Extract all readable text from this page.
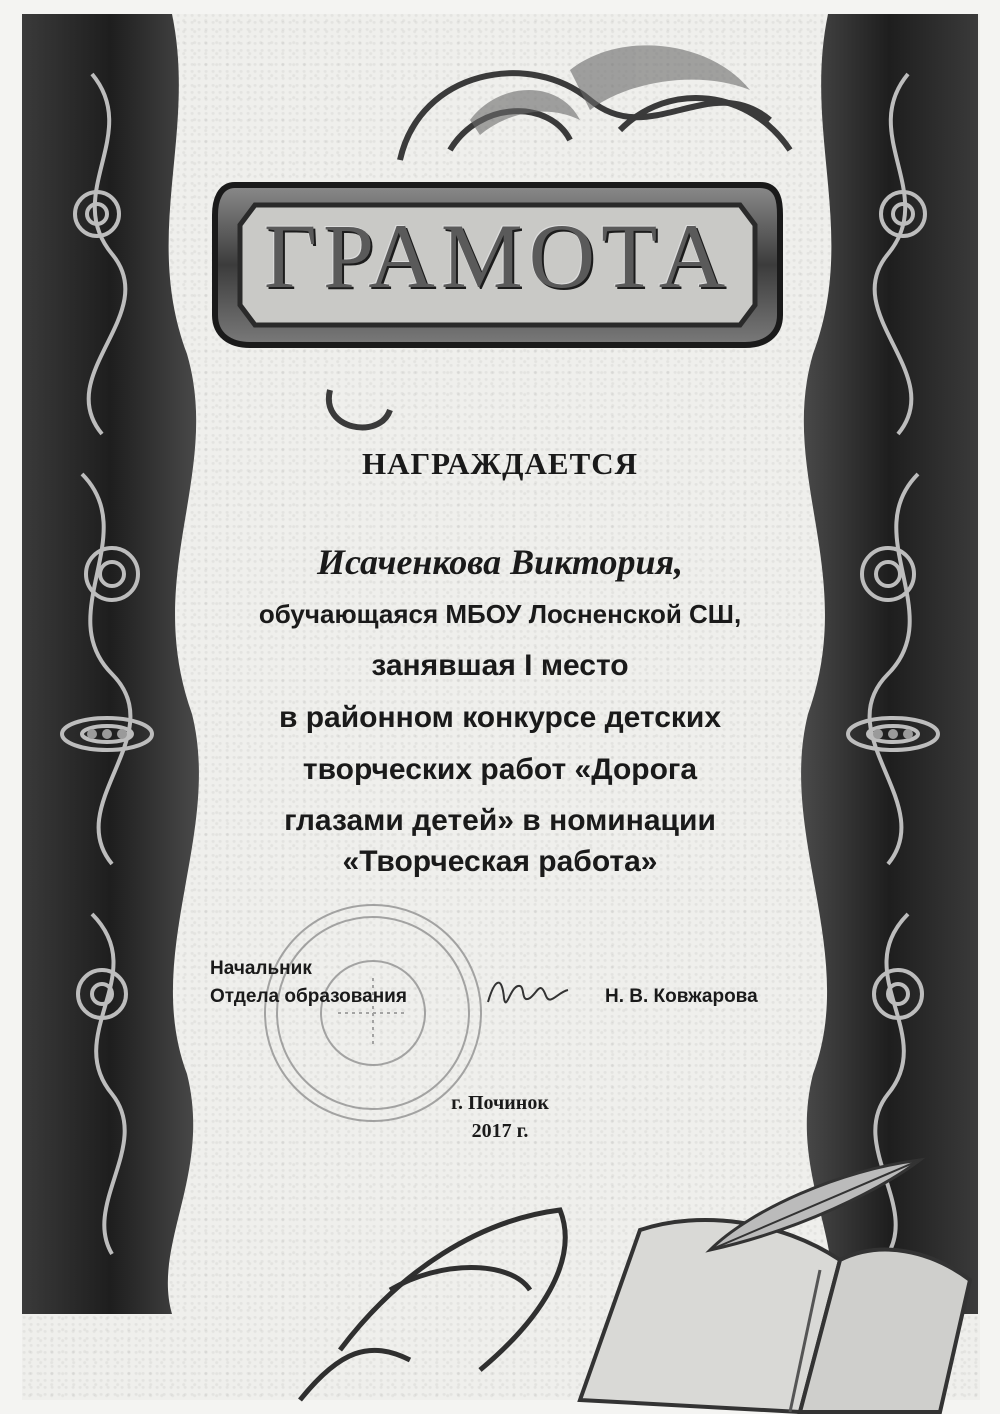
ГРАМОТА
НАГРАЖДАЕТСЯ
Исаченкова Виктория,
обучающаяся МБОУ Лосненской СШ,
занявшая I место
в районном конкурсе детских
творческих работ «Дорога
глазами детей» в номинации
«Творческая работа»
Начальник
Отдела образования	Н. В. Ковжарова
г. Починок
2017 г.
